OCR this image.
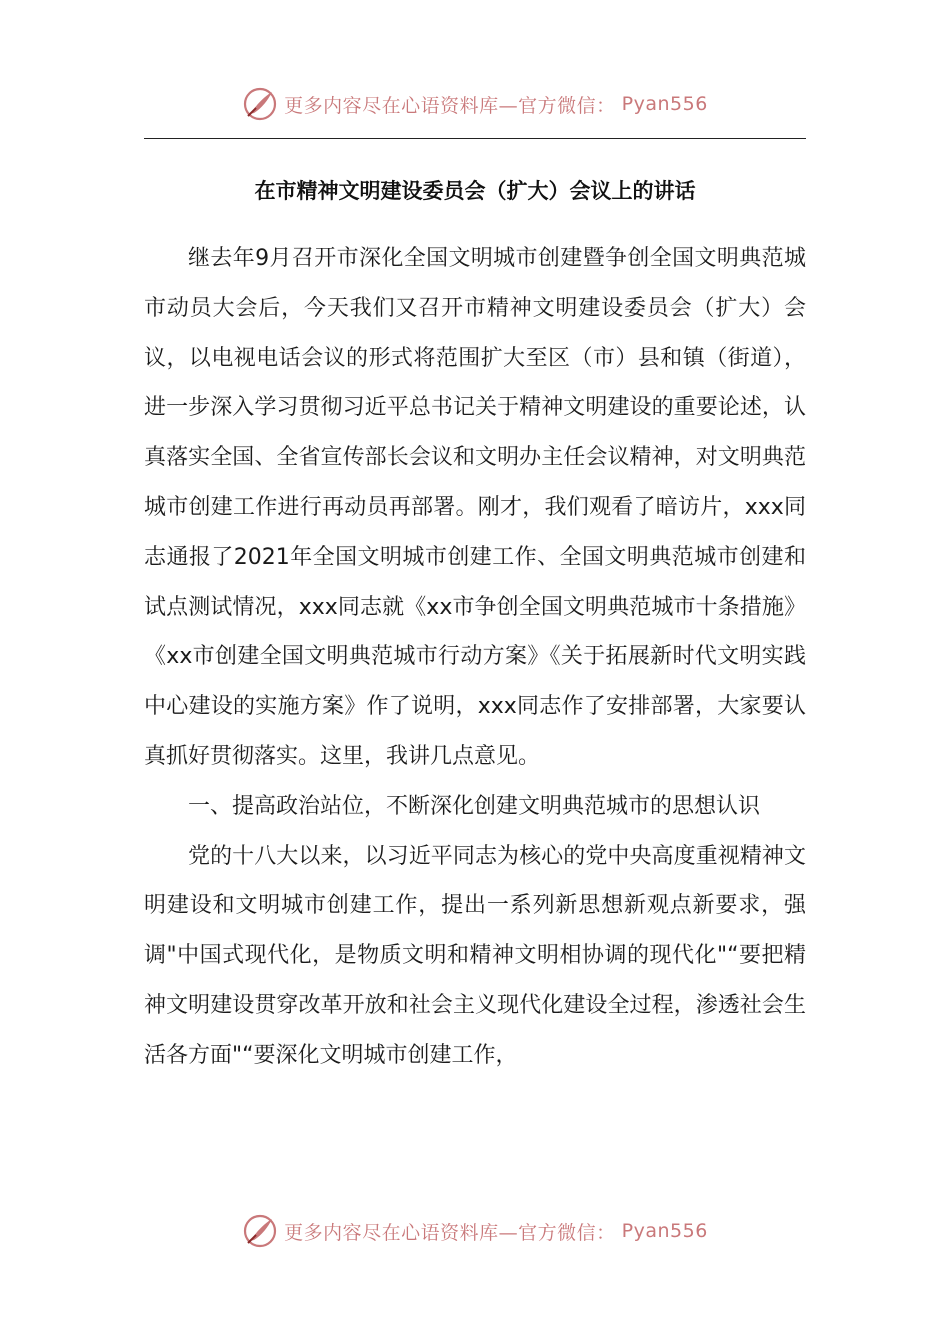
更多内容尽在心语资料库—官方微信： Pyan556
在市精神文明建设委员会（扩大）会议上的讲话

继去年9月召开市深化全国文明城市创建暨争创全国文明典范城市动员大会后，今天我们又召开市精神文明建设委员会（扩大）会议，以电视电话会议的形式将范围扩大至区（市）县和镇（街道），进一步深入学习贯彻习近平总书记关于精神文明建设的重要论述，认真落实全国、全省宣传部长会议和文明办主任会议精神，对文明典范城市创建工作进行再动员再部署。刚才，我们观看了暗访片，xxx同志通报了2021年全国文明城市创建工作、全国文明典范城市创建和试点测试情况，xxx同志就《xx市争创全国文明典范城市十条措施》《xx市创建全国文明典范城市行动方案》《关于拓展新时代文明实践中心建设的实施方案》作了说明，xxx同志作了安排部署，大家要认真抓好贯彻落实。这里，我讲几点意见。

一、提高政治站位，不断深化创建文明典范城市的思想认识

党的十八大以来，以习近平同志为核心的党中央高度重视精神文明建设和文明城市创建工作，提出一系列新思想新观点新要求，强调"中国式现代化，是物质文明和精神文明相协调的现代化"“要把精神文明建设贯穿改革开放和社会主义现代化建设全过程，渗透社会生活各方面"“要深化文明城市创建工作，

更多内容尽在心语资料库—官方微信： Pyan556
